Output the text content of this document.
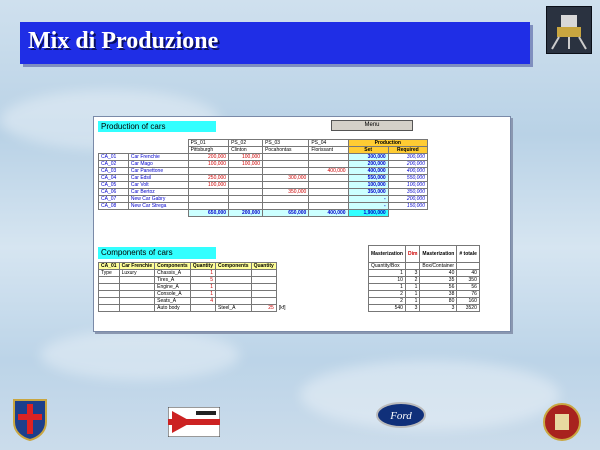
Mix di Produzione
Production of cars	Menu
		PS_01	PS_02	PS_03	PS_04	Production	
		Pittsburgh	Clinton	Pocahontas	Florissant	Set	Required
CA_01	Car Frenchie	200,000	100,000			300,000	300,000
CA_02	Car Mago	100,000	100,000			200,000	200,000
CA_03	Car Panettone				400,000	400,000	400,000
CA_04	Car Edsil	250,000		300,000		550,000	550,000
CA_05	Car Volt	100,000				100,000	100,000
CA_06	Car Bertoz			350,000		350,000	350,000
CA_07	New Car Gabry					-	200,000
CA_08	New Car Strega					-	150,000
		650,000	200,000	650,000	400,000	1,900,000	
Components of cars
CA_01	Car Frenchie	Components	Quantity	Components	Quantity	
Type	Luxury	Chassis_A	1			
		Tires_A	5			
		Engine_A	1			
		Console_A	1			
		Seats_A	4			
		Auto body		Steel_A	25	[kf]
Masterization	Dim	Masterization	# totale
Quantity/Box		Box/Container	
1	3	40	40
10	2	35	350
1	1	56	56
2	1	38	76
2	1	80	160
540	3	3	3520
Ford
